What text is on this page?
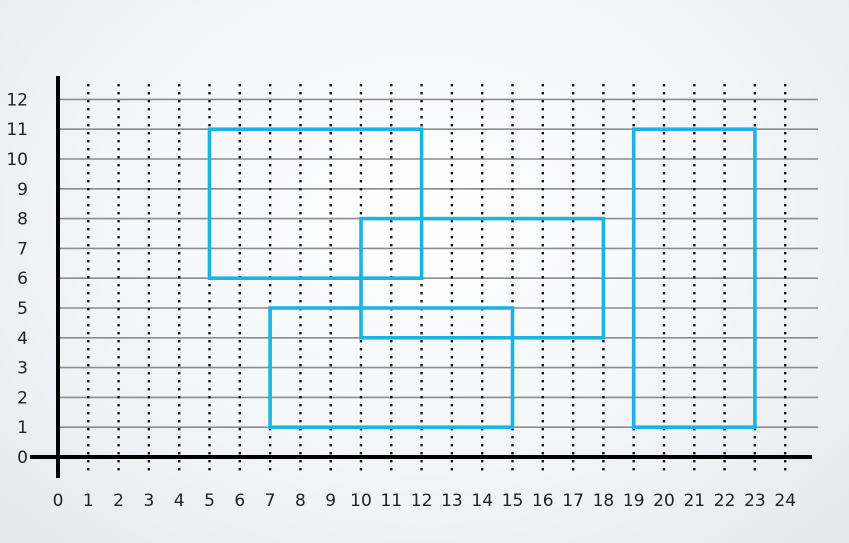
0
1
2
3
4
5
6
7
8
9
10
11
12
0 1 2 3 4 5 6 7 8 9 10 11 12 13 14 15 16 17 18 19 20 21 22 23 24
